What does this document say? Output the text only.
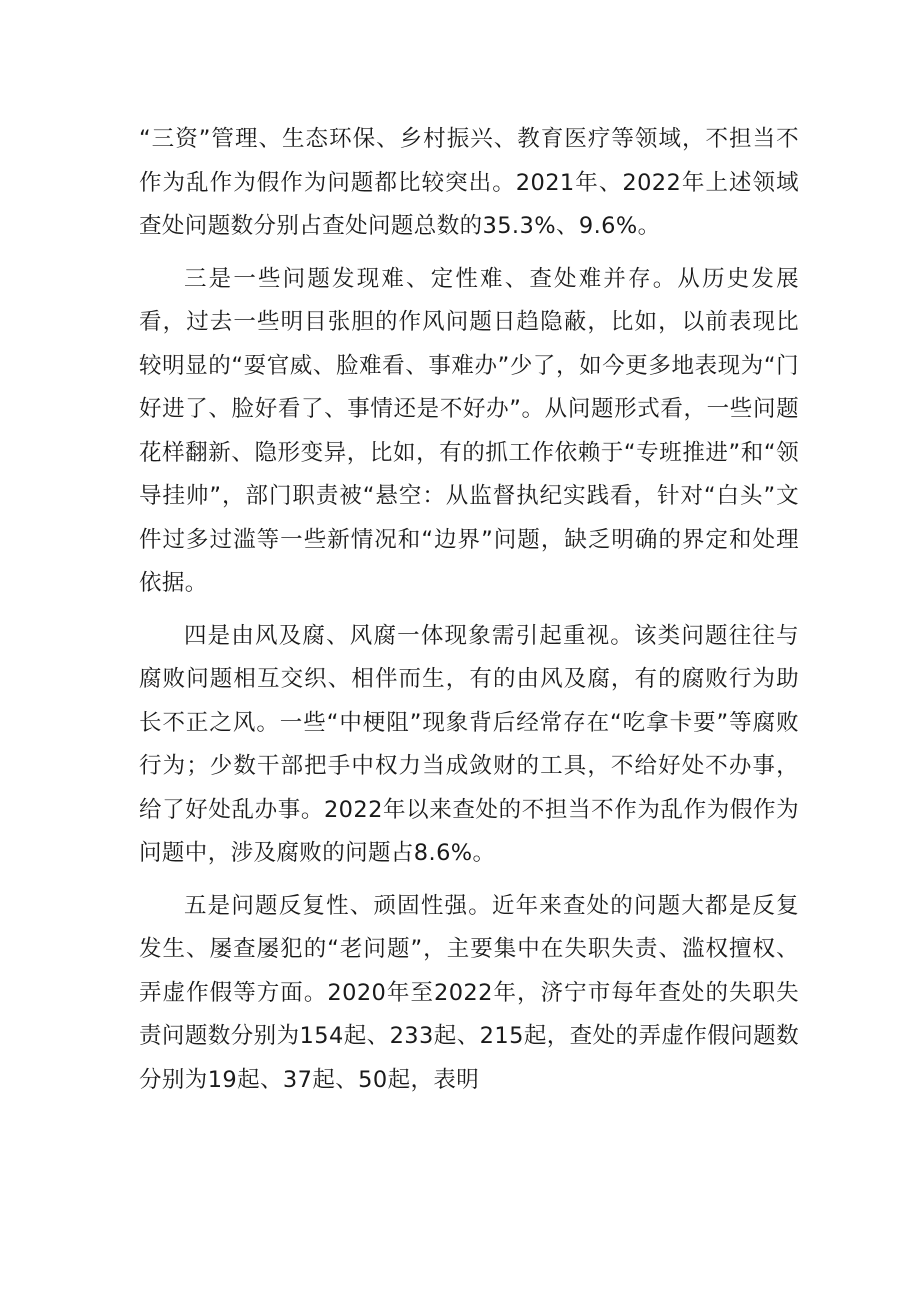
“三资”管理、生态环保、乡村振兴、教育医疗等领域，不担当不作为乱作为假作为问题都比较突出。2021年、2022年上述领域查处问题数分别占查处问题总数的35.3%、9.6%。

三是一些问题发现难、定性难、查处难并存。从历史发展看，过去一些明目张胆的作风问题日趋隐蔽，比如，以前表现比较明显的“耍官威、脸难看、事难办”少了，如今更多地表现为“门好进了、脸好看了、事情还是不好办”。从问题形式看，一些问题花样翻新、隐形变异，比如，有的抓工作依赖于“专班推进”和“领导挂帅”，部门职责被“悬空：从监督执纪实践看，针对“白头”文件过多过滥等一些新情况和“边界”问题，缺乏明确的界定和处理依据。

四是由风及腐、风腐一体现象需引起重视。该类问题往往与腐败问题相互交织、相伴而生，有的由风及腐，有的腐败行为助长不正之风。一些“中梗阻”现象背后经常存在“吃拿卡要”等腐败行为；少数干部把手中权力当成敛财的工具，不给好处不办事，给了好处乱办事。2022年以来查处的不担当不作为乱作为假作为问题中，涉及腐败的问题占8.6%。

五是问题反复性、顽固性强。近年来查处的问题大都是反复发生、屡查屡犯的“老问题”，主要集中在失职失责、滥权擅权、弄虚作假等方面。2020年至2022年，济宁市每年查处的失职失责问题数分别为154起、233起、215起，查处的弄虚作假问题数分别为19起、37起、50起，表明
